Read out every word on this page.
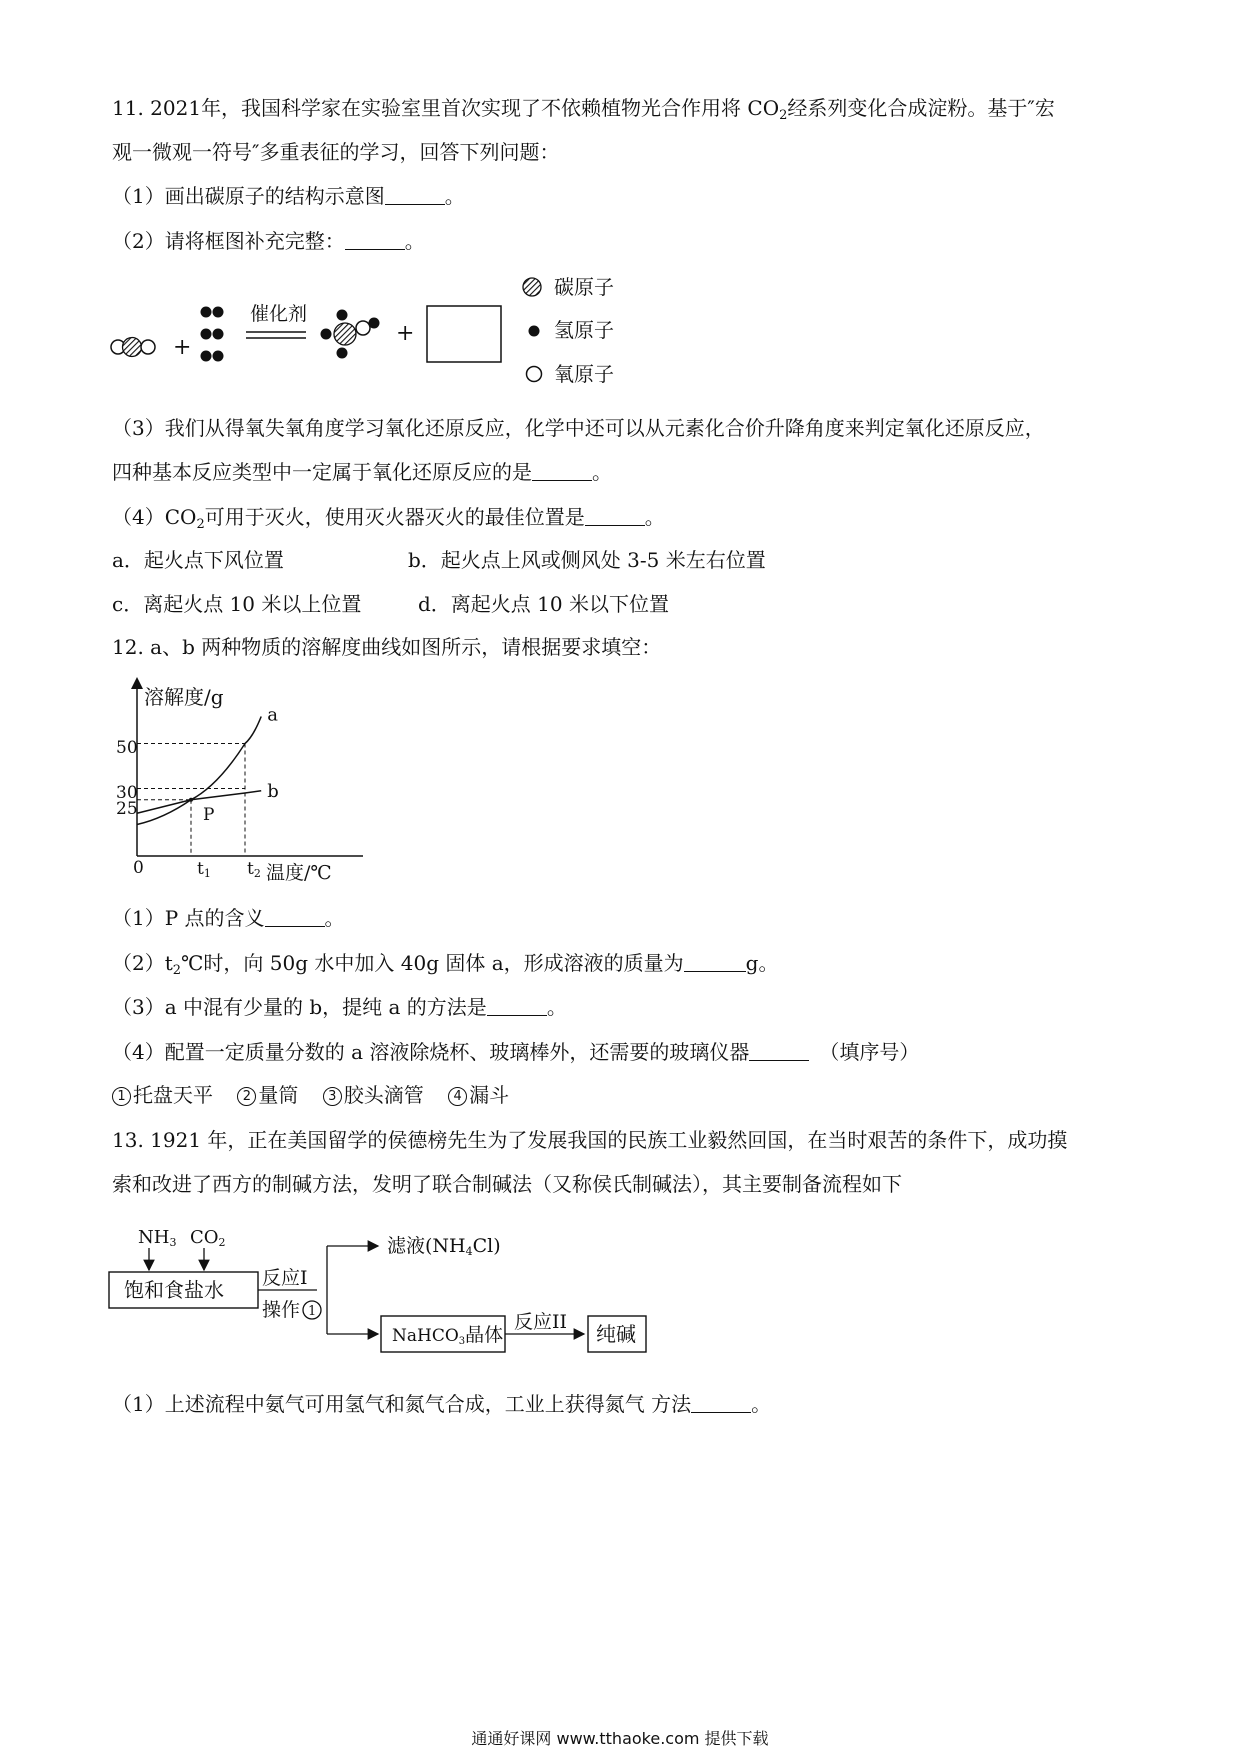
11. 2021年，我国科学家在实验室里首次实现了不依赖植物光合作用将 $CO_2$经系列变化合成淀粉。基于″宏
观一微观一符号″多重表征的学习，回答下列问题：
（1）画出碳原子的结构示意图	。
（2）请将框图补充完整：	。
+
催化剂
+
碳原子
氢原子
氧原子
（3）我们从得氧失氧角度学习氧化还原反应，化学中还可以从元素化合价升降角度来判定氧化还原反应，
四种基本反应类型中一定属于氧化还原反应的是	。
$(4)CO_2$可用于灭火，使用灭火器灭火的最佳位置是	。
a．起火点下风位置	b．起火点上风或侧风处 3-5 米左右位置
c．离起火点 10 米以上位置	d．离起火点 10 米以下位置
12. a、b 两种物质的溶解度曲线如图所示，请根据要求填空：
溶解度/g
温度/℃
0
50
30
25
t1 t2
a
b
P
（1）P 点的含义	。
$(2)t_2℃$时，向 50g 水中加入 40g 固体 a，形成溶液的质量为	g。
（3）a 中混有少量的 b，提纯 a 的方法是	。
（4）配置一定质量分数的 a 溶液除烧杯、玻璃棒外，还需要的玻璃仪器	（填序号）
1 托盘天平 2 量筒 3 胶头滴管 4 漏斗
13. 1921 年，正在美国留学的侯德榜先生为了发展我国的民族工业毅然回国，在当时艰苦的条件下，成功摸
索和改进了西方的制碱方法，发明了联合制碱法（又称侯氏制碱法），其主要制备流程如下
NH3 CO2
饱和食盐水 反应I
操作 1
滤液(NH4Cl)
NaHCO3晶体
反应II 纯碱
（1）上述流程中氨气可用氢气和氮气合成，工业上获得氮气 方法	。
通通好课网 www.tthaoke.com 提供下载
